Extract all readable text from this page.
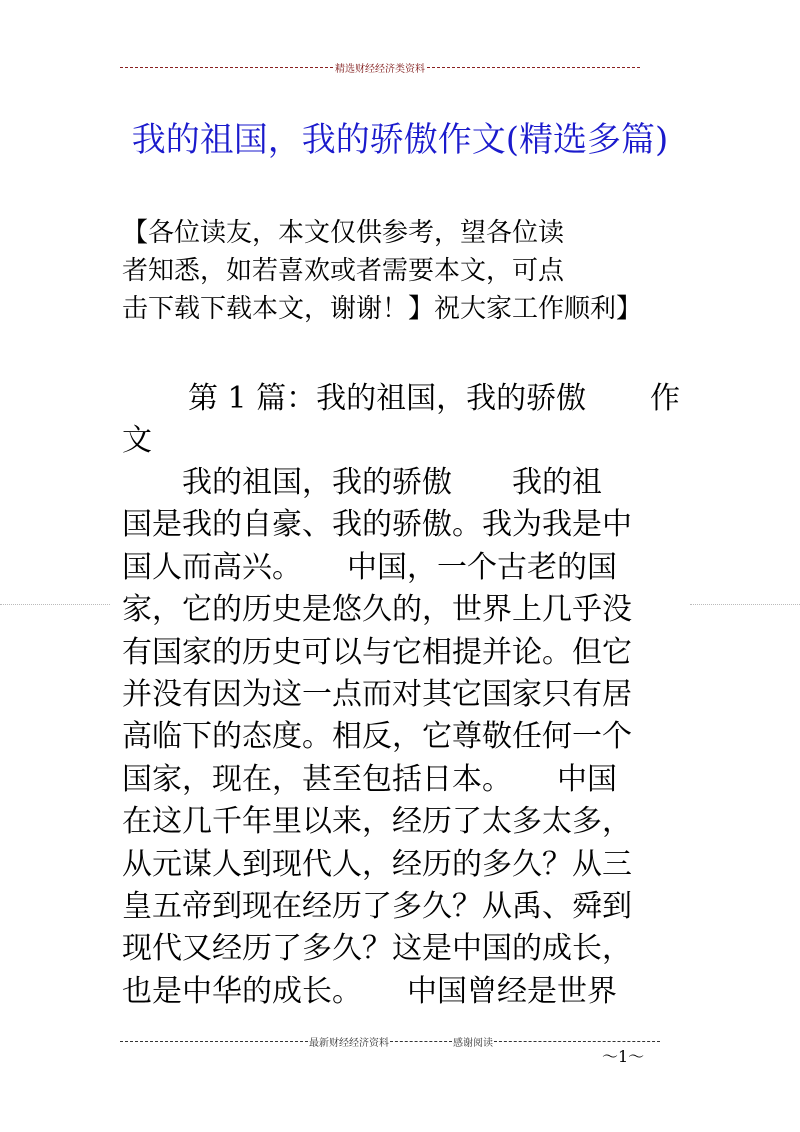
精选财经经济类资料
我的祖国，我的骄傲作文(精选多篇)
【各位读友，本文仅供参考，望各位读
者知悉，如若喜欢或者需要本文，可点
击下载下载本文，谢谢！】祝大家工作顺利】
第 1 篇：我的祖国，我的骄傲 作
文
　　我的祖国，我的骄傲　　我的祖
国是我的自豪、我的骄傲。我为我是中
国人而高兴。　　中国，一个古老的国
家，它的历史是悠久的，世界上几乎没
有国家的历史可以与它相提并论。但它
并没有因为这一点而对其它国家只有居
高临下的态度。相反，它尊敬任何一个
国家，现在，甚至包括日本。　　中国
在这几千年里以来，经历了太多太多，
从元谋人到现代人，经历的多久？从三
皇五帝到现在经历了多久？从禹、舜到
现代又经历了多久？这是中国的成长，
也是中华的成长。　　中国曾经是世界
最新财经经济资料	感谢阅读
～1～
